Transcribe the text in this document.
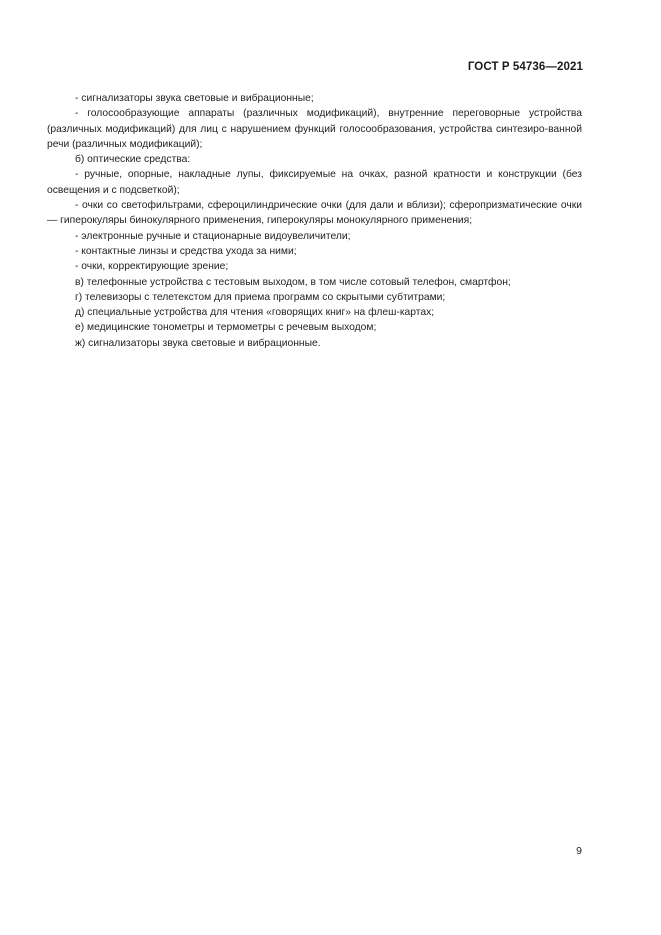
ГОСТ Р 54736—2021

- сигнализаторы звука световые и вибрационные;

- голосообразующие аппараты (различных модификаций), внутренние переговорные устройства (различных модификаций) для лиц с нарушением функций голосообразования, устройства синтезиро-ванной речи (различных модификаций);

б) оптические средства:

- ручные, опорные, накладные лупы, фиксируемые на очках, разной кратности и конструкции (без освещения и с подсветкой);

- очки со светофильтрами, сфероцилиндрические очки (для дали и вблизи); сферопризматические очки — гиперокуляры бинокулярного применения, гиперокуляры монокулярного применения;

- электронные ручные и стационарные видоувеличители;

- контактные линзы и средства ухода за ними;

- очки, корректирующие зрение;

в) телефонные устройства с тестовым выходом, в том числе сотовый телефон, смартфон;

г) телевизоры с телетекстом для приема программ со скрытыми субтитрами;

д) специальные устройства для чтения «говорящих книг» на флеш-картах;

е) медицинские тонометры и термометры с речевым выходом;

ж) сигнализаторы звука световые и вибрационные.

9
